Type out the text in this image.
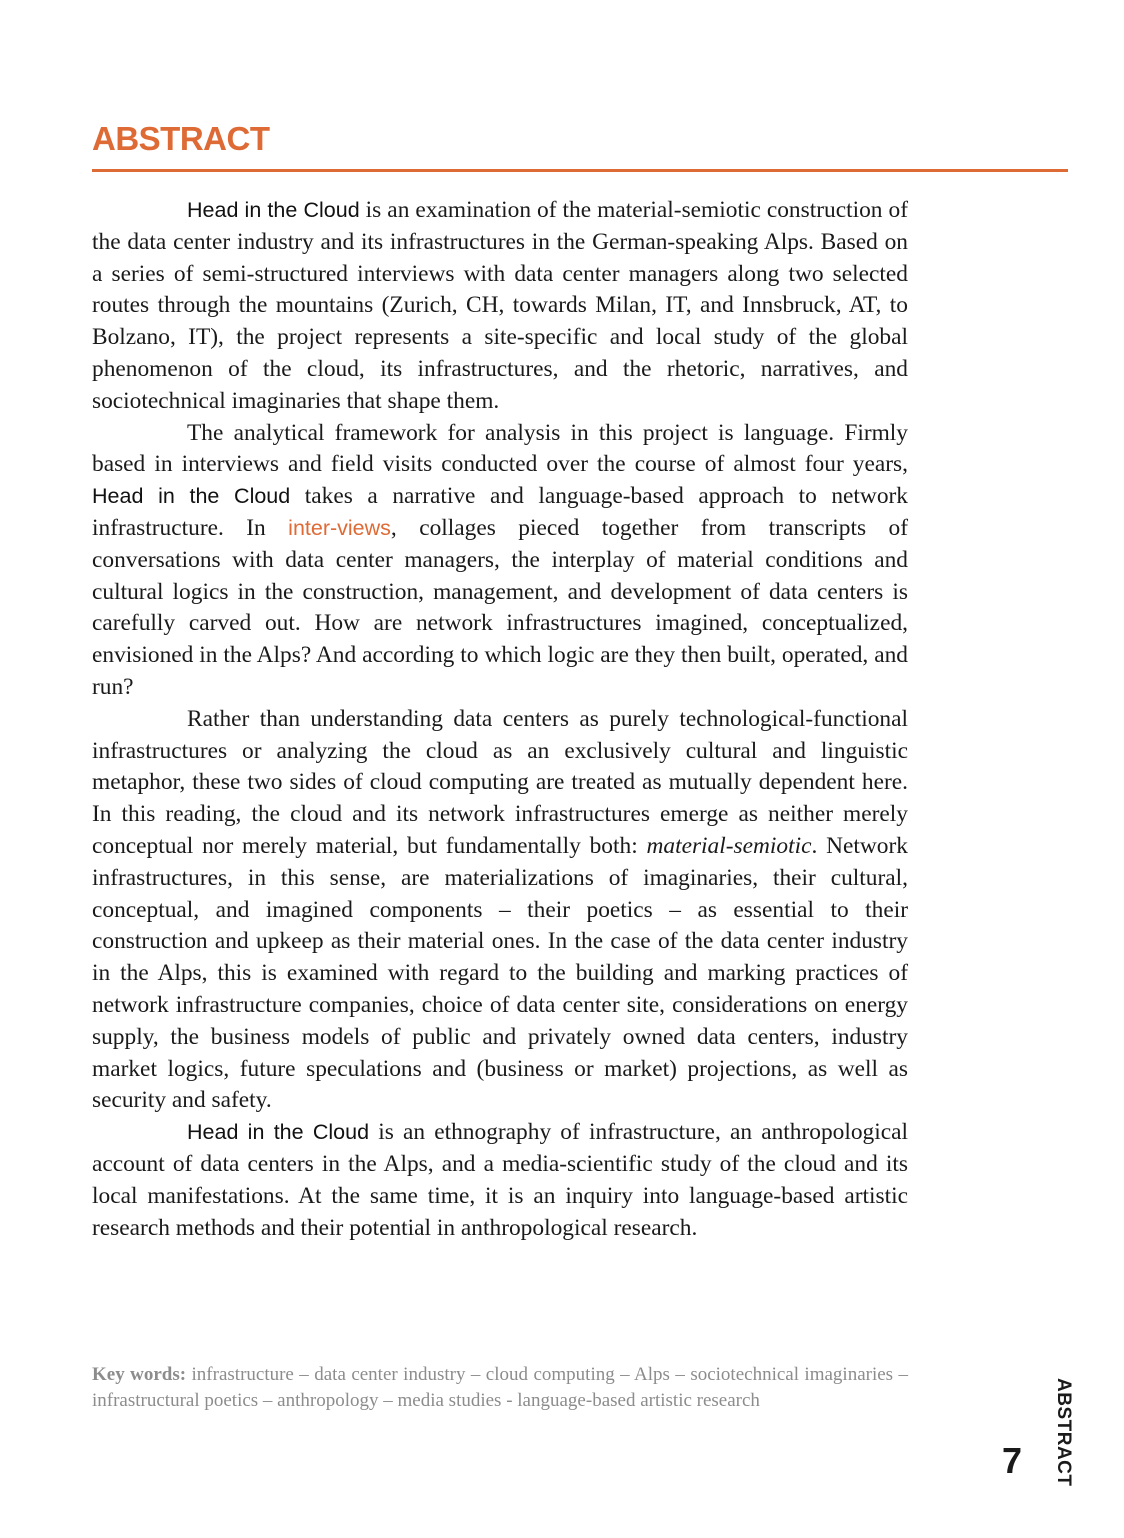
ABSTRACT

Head in the Cloud is an examination of the material-semiotic construction of the data center industry and its infrastructures in the German-speaking Alps. Based on a series of semi-structured interviews with data center managers along two selected routes through the mountains (Zurich, CH, towards Milan, IT, and Innsbruck, AT, to Bolzano, IT), the project represents a site-specific and local study of the global phenomenon of the cloud, its infrastructures, and the rhetoric, narratives, and sociotechnical imaginaries that shape them.

The analytical framework for analysis in this project is language. Firmly based in interviews and field visits conducted over the course of almost four years, Head in the Cloud takes a narrative and language-based approach to network infrastructure. In inter-views, collages pieced together from transcripts of conversations with data center managers, the interplay of material conditions and cultural logics in the construction, management, and development of data centers is carefully carved out. How are network infrastructures imagined, conceptualized, envisioned in the Alps? And according to which logic are they then built, operated, and run?

Rather than understanding data centers as purely technological-functional infrastructures or analyzing the cloud as an exclusively cultural and linguistic metaphor, these two sides of cloud computing are treated as mutually dependent here. In this reading, the cloud and its network infrastructures emerge as neither merely conceptual nor merely material, but fundamentally both: material-semiotic. Network infrastructures, in this sense, are materializations of imaginaries, their cultural, conceptual, and imagined components – their poetics – as essential to their construction and upkeep as their material ones. In the case of the data center industry in the Alps, this is examined with regard to the building and marking practices of network infrastructure companies, choice of data center site, considerations on energy supply, the business models of public and privately owned data centers, industry market logics, future speculations and (business or market) projections, as well as security and safety.

Head in the Cloud is an ethnography of infrastructure, an anthropological account of data centers in the Alps, and a media-scientific study of the cloud and its local manifestations. At the same time, it is an inquiry into language-based artistic research methods and their potential in anthropological research.

Key words: infrastructure – data center industry – cloud computing – Alps – sociotechnical imaginaries – infrastructural poetics – anthropology – media studies - language-based artistic research	ABSTRACT
7
